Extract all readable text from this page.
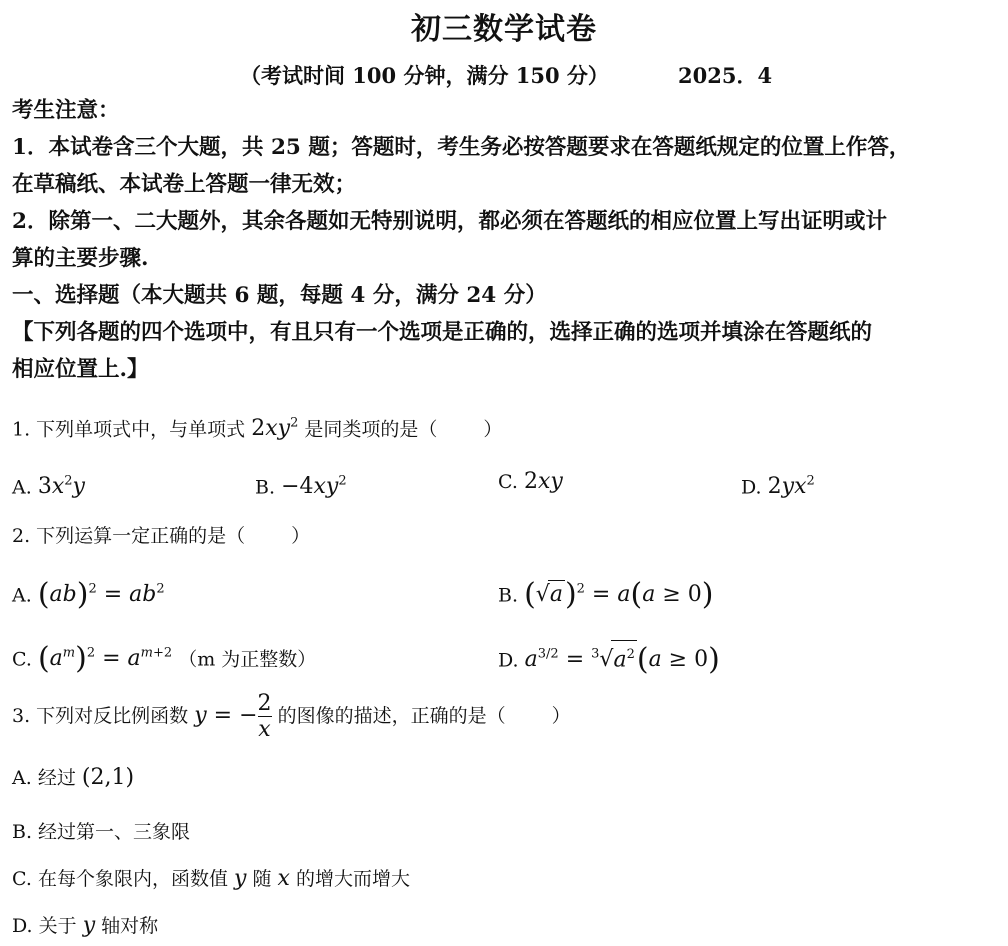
初三数学试卷
（考试时间 100 分钟，满分 150 分）	2025．4
考生注意：
1．本试卷含三个大题，共 25 题；答题时，考生务必按答题要求在答题纸规定的位置上作答，
在草稿纸、本试卷上答题一律无效；
2．除第一、二大题外，其余各题如无特别说明，都必须在答题纸的相应位置上写出证明或计
算的主要步骤.
一、选择题（本大题共 6 题，每题 4 分，满分 24 分）
【下列各题的四个选项中，有且只有一个选项是正确的，选择正确的选项并填涂在答题纸的
相应位置上.】
1. 下列单项式中，与单项式 $2xy^2$ 是同类项的是（ ）
A. $3x^2y$	B. $-4xy^2$	C. 2xy	D. $2yx^2$
2. 下列运算一定正确的是（ ）
A. $(ab)^2 = ab^2$	B. $(√a)^2 = a(a \ge 0)$
C. $(a^m)^2 = a^{m+2}$ （m 为正整数）	D. $a^{3/2} = ^3√a^2(a \ge 0)$
3. 下列对反比例函数 y = − $\frac{2}{x}$ 的图像的描述，正确的是（ ）
A. 经过 (2,1)
B. 经过第一、三象限
C. 在每个象限内，函数值 y 随 x 的增大而增大
D. 关于 y 轴对称
